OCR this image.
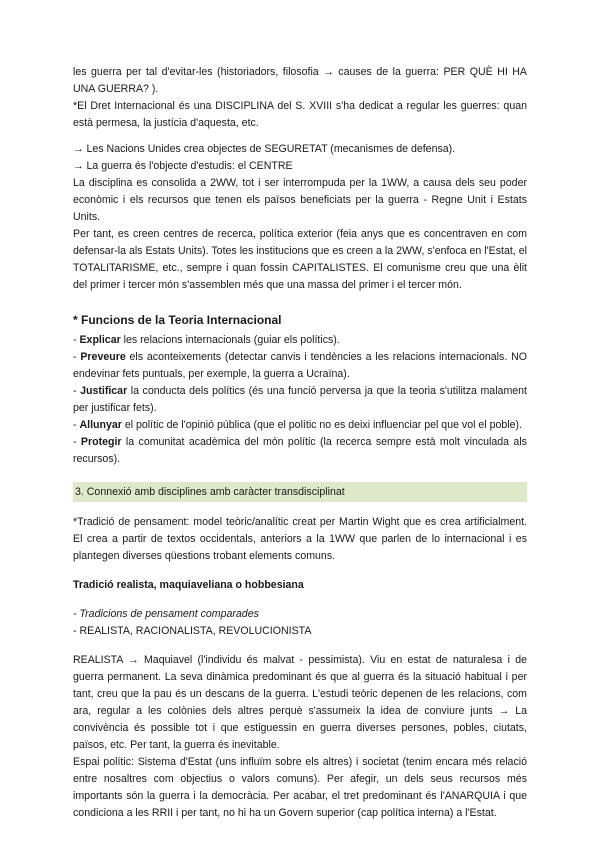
les guerra per tal d'evitar-les (historiadors, filosofia → causes de la guerra: PER QUÈ HI HA UNA GUERRA? ).

*El Dret Internacional és una DISCIPLINA del S. XVIII s'ha dedicat a regular les guerres: quan està permesa, la justícia d'aquesta, etc.

→ Les Nacions Unides crea objectes de SEGURETAT (mecanismes de defensa).

→ La guerra és l'objecte d'estudis: el CENTRE

La disciplina es consolida a 2WW, tot i ser interrompuda per la 1WW, a causa dels seu poder econòmic i els recursos que tenen els països beneficiats per la guerra - Regne Unit i Estats Units.

Per tant, es creen centres de recerca, política exterior (feia anys que es concentraven en com defensar-la als Estats Units). Totes les institucions que es creen a la 2WW, s'enfoca en l'Estat, el TOTALITARISME, etc., sempre i quan fossin CAPITALISTES. El comunisme creu que una èlit del primer i tercer món s'assemblen més que una massa del primer i el tercer món.

* Funcions de la Teoria Internacional

- Explicar les relacions internacionals (guiar els polítics).

- Preveure els aconteixements (detectar canvis i tendències a les relacions internacionals. NO endevinar fets puntuals, per exemple, la guerra a Ucraïna).

- Justificar la conducta dels polítics (és una funció perversa ja que la teoria s'utilitza malament per justificar fets).

- Allunyar el polític de l'opinió pública (que el polític no es deixi influenciar pel que vol el poble).

- Protegir la comunitat acadèmica del món polític (la recerca sempre està molt vinculada als recursos).

3. Connexió amb disciplines amb caràcter transdisciplinat

*Tradició de pensament: model teòric/analític creat per Martin Wight que es crea artificialment. El crea a partir de textos occidentals, anteriors a la 1WW que parlen de lo internacional i es plantegen diverses qüestions trobant elements comuns.

Tradició realista, maquiaveliana o hobbesiana

- Tradicions de pensament comparades

- REALISTA, RACIONALISTA, REVOLUCIONISTA

REALISTA → Maquiavel (l'individu és malvat - pessimista). Viu en estat de naturalesa i de guerra permanent. La seva dinàmica predominant és que al guerra és la situació habitual i per tant, creu que la pau és un descans de la guerra. L'estudi teòric depenen de les relacions, com ara, regular a les colònies dels altres perquè s'assumeix la idea de conviure junts → La convivència és possible tot i que estiguessin en guerra diverses persones, pobles, ciutats, països, etc. Per tant, la guerra és inevitable.

Espai polític: Sistema d'Estat (uns influïm sobre els altres) i societat (tenim encara més relació entre nosaltres com objectius o valors comuns). Per afegir, un dels seus recursos més importants són la guerra i la democràcia. Per acabar, el tret predominant és l'ANARQUIA i que condiciona a les RRII i per tant, no hi ha un Govern superior (cap política interna) a l'Estat.
